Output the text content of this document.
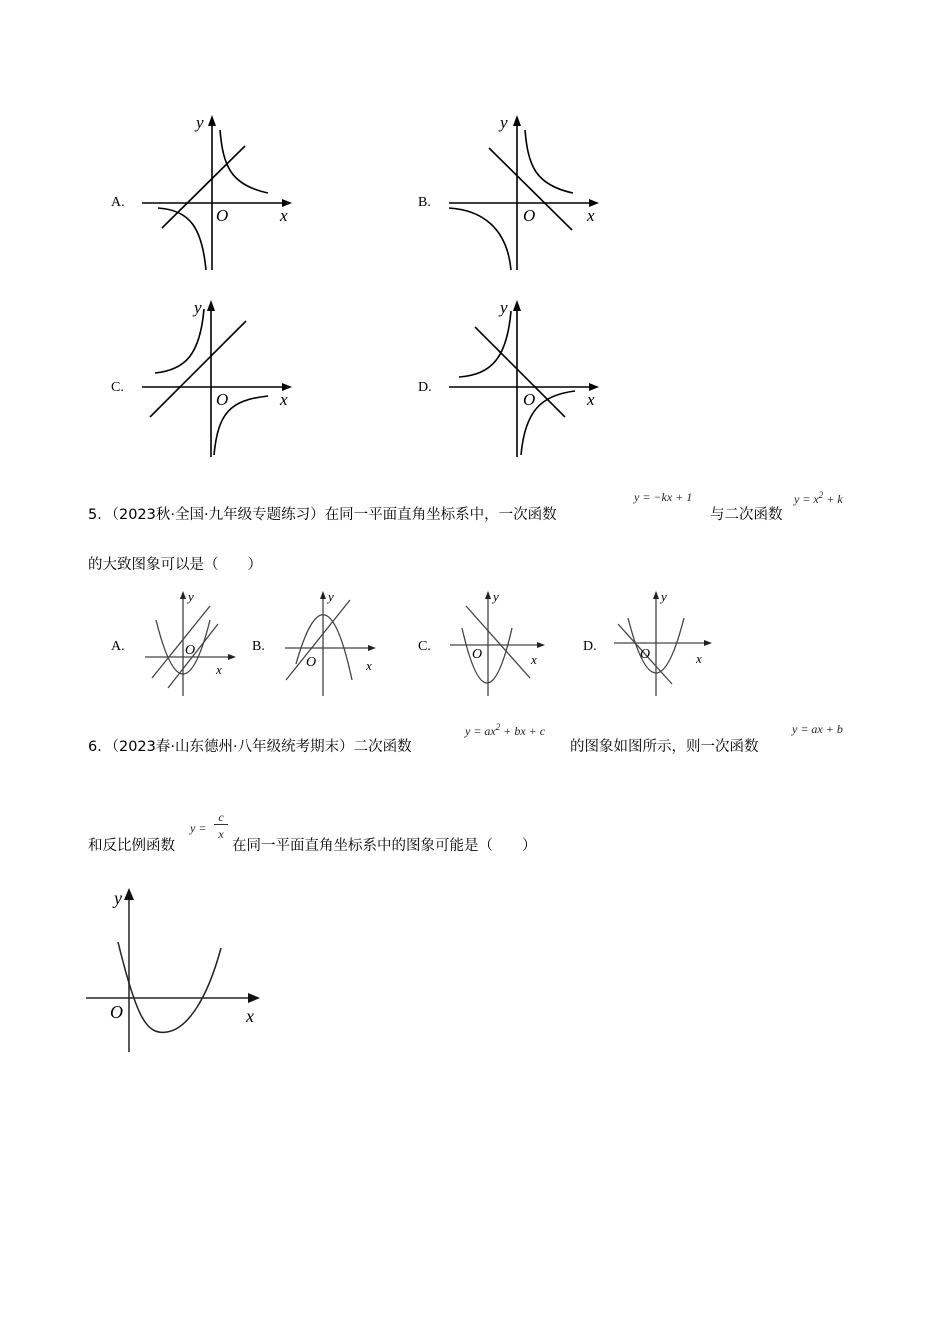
A.	B.
C.	D.
y
x
O
y
x
O
y
x
O
y
x
O
5．（2023秋·全国·九年级专题练习）在同一平面直角坐标系中，一次函数
y = −kx + 1
与二次函数
$y = x^2 + k$
的大致图象可以是（　　）
A.	B.	C.	D.
y
x
O
y
x
O
y
x
O
y
x
O
6．（2023春·山东德州·八年级统考期末）二次函数
$y = ax^2$ + bx + c
的图象如图所示，则一次函数
y = ax + b
和反比例函数
$y = \frac{c}{x}$
在同一平面直角坐标系中的图象可能是（　　）
y
x
O
